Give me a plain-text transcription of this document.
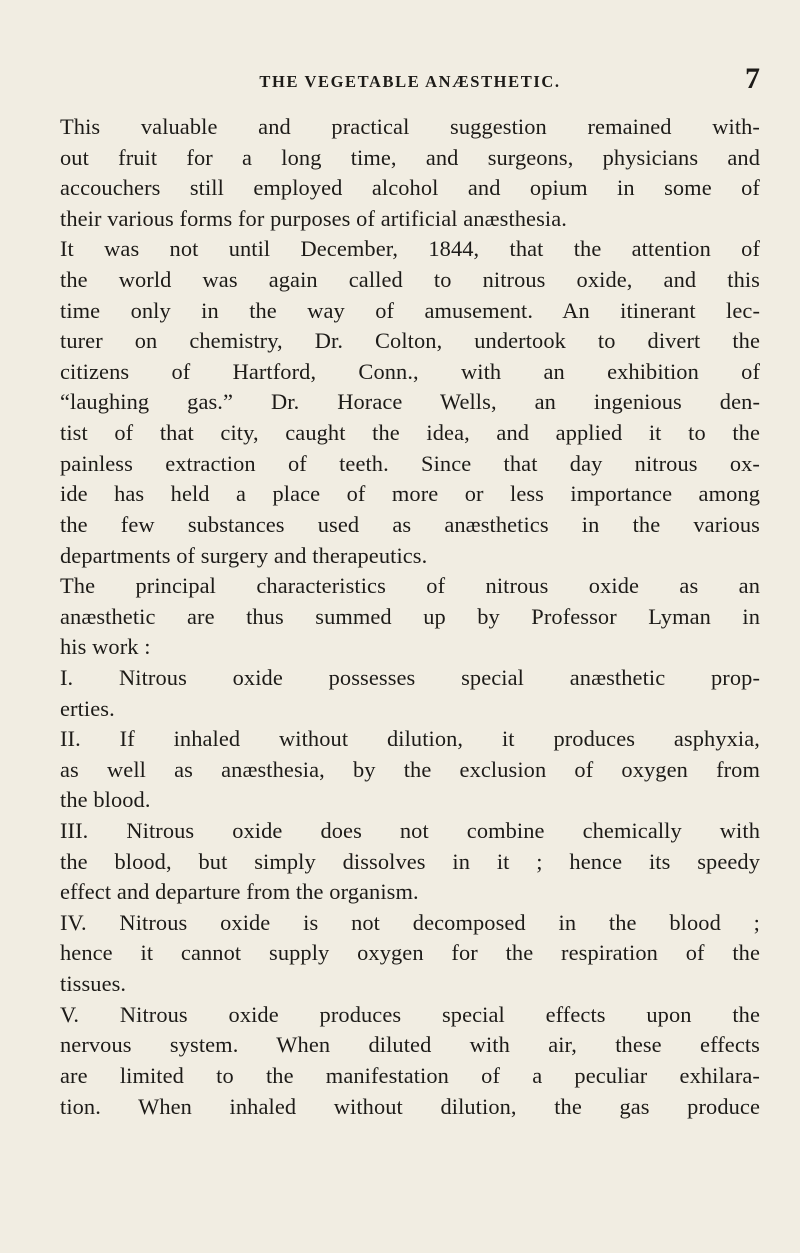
THE VEGETABLE ANÆSTHETIC.	7
This valuable and practical suggestion remained with-
out fruit for a long time, and surgeons, physicians and
accouchers still employed alcohol and opium in some of
their various forms for purposes of artificial anæsthesia.
It was not until December, 1844, that the attention of
the world was again called to nitrous oxide, and this
time only in the way of amusement. An itinerant lec-
turer on chemistry, Dr. Colton, undertook to divert the
citizens of Hartford, Conn., with an exhibition of
“laughing gas.” Dr. Horace Wells, an ingenious den-
tist of that city, caught the idea, and applied it to the
painless extraction of teeth. Since that day nitrous ox-
ide has held a place of more or less importance among
the few substances used as anæsthetics in the various
departments of surgery and therapeutics.
The principal characteristics of nitrous oxide as an
anæsthetic are thus summed up by Professor Lyman in
his work :
I. Nitrous oxide possesses special anæsthetic prop-
erties.
II. If inhaled without dilution, it produces asphyxia,
as well as anæsthesia, by the exclusion of oxygen from
the blood.
III. Nitrous oxide does not combine chemically with
the blood, but simply dissolves in it ; hence its speedy
effect and departure from the organism.
IV. Nitrous oxide is not decomposed in the blood ;
hence it cannot supply oxygen for the respiration of the
tissues.
V. Nitrous oxide produces special effects upon the
nervous system. When diluted with air, these effects
are limited to the manifestation of a peculiar exhilara-
tion. When inhaled without dilution, the gas produce
